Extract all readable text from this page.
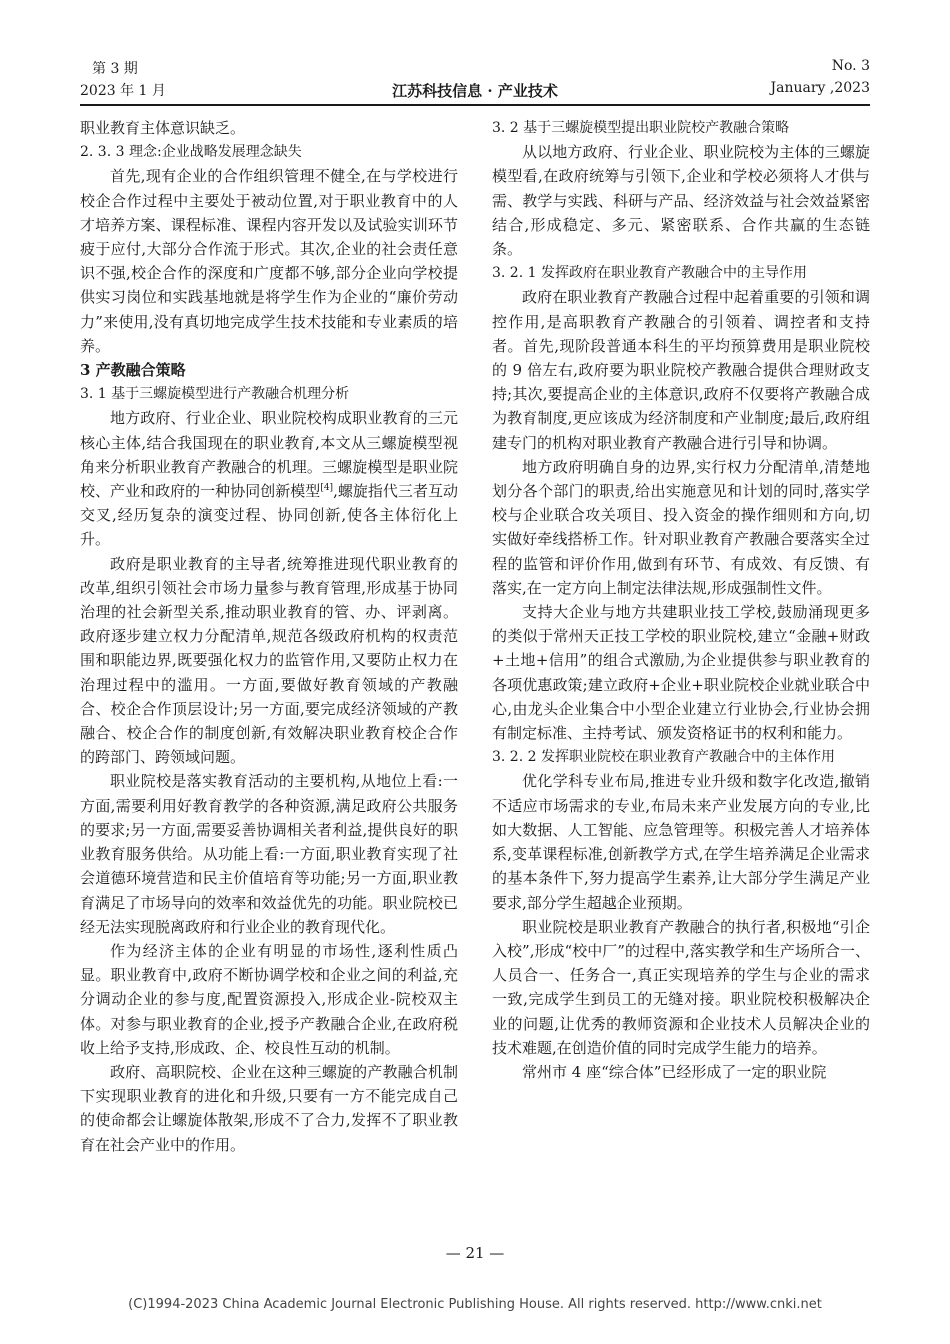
第 3 期
2023 年 1 月	江苏科技信息 · 产业技术
No. 3
January ,2023

职业教育主体意识缺乏。

2. 3. 3 理念:企业战略发展理念缺失

首先,现有企业的合作组织管理不健全,在与学校进行校企合作过程中主要处于被动位置,对于职业教育中的人才培养方案、课程标准、课程内容开发以及试验实训环节疲于应付,大部分合作流于形式。其次,企业的社会责任意识不强,校企合作的深度和广度都不够,部分企业向学校提供实习岗位和实践基地就是将学生作为企业的“廉价劳动力”来使用,没有真切地完成学生技术技能和专业素质的培养。

3 产教融合策略

3. 1 基于三螺旋模型进行产教融合机理分析

地方政府、行业企业、职业院校构成职业教育的三元核心主体,结合我国现在的职业教育,本文从三螺旋模型视角来分析职业教育产教融合的机理。三螺旋模型是职业院校、产业和政府的一种协同创新模型[4],螺旋指代三者互动交叉,经历复杂的演变过程、协同创新,使各主体衍化上升。

政府是职业教育的主导者,统筹推进现代职业教育的改革,组织引领社会市场力量参与教育管理,形成基于协同治理的社会新型关系,推动职业教育的管、办、评剥离。政府逐步建立权力分配清单,规范各级政府机构的权责范围和职能边界,既要强化权力的监管作用,又要防止权力在治理过程中的滥用。一方面,要做好教育领域的产教融合、校企合作顶层设计;另一方面,要完成经济领域的产教融合、校企合作的制度创新,有效解决职业教育校企合作的跨部门、跨领域问题。

职业院校是落实教育活动的主要机构,从地位上看:一方面,需要利用好教育教学的各种资源,满足政府公共服务的要求;另一方面,需要妥善协调相关者利益,提供良好的职业教育服务供给。从功能上看:一方面,职业教育实现了社会道德环境营造和民主价值培育等功能;另一方面,职业教育满足了市场导向的效率和效益优先的功能。职业院校已经无法实现脱离政府和行业企业的教育现代化。

作为经济主体的企业有明显的市场性,逐利性质凸显。职业教育中,政府不断协调学校和企业之间的利益,充分调动企业的参与度,配置资源投入,形成企业-院校双主体。对参与职业教育的企业,授予产教融合企业,在政府税收上给予支持,形成政、企、校良性互动的机制。

政府、高职院校、企业在这种三螺旋的产教融合机制下实现职业教育的进化和升级,只要有一方不能完成自己的使命都会让螺旋体散架,形成不了合力,发挥不了职业教育在社会产业中的作用。

3. 2 基于三螺旋模型提出职业院校产教融合策略

从以地方政府、行业企业、职业院校为主体的三螺旋模型看,在政府统筹与引领下,企业和学校必须将人才供与需、教学与实践、科研与产品、经济效益与社会效益紧密结合,形成稳定、多元、紧密联系、合作共赢的生态链条。

3. 2. 1 发挥政府在职业教育产教融合中的主导作用

政府在职业教育产教融合过程中起着重要的引领和调控作用,是高职教育产教融合的引领着、调控者和支持者。首先,现阶段普通本科生的平均预算费用是职业院校的 9 倍左右,政府要为职业院校产教融合提供合理财政支持;其次,要提高企业的主体意识,政府不仅要将产教融合成为教育制度,更应该成为经济制度和产业制度;最后,政府组建专门的机构对职业教育产教融合进行引导和协调。

地方政府明确自身的边界,实行权力分配清单,清楚地划分各个部门的职责,给出实施意见和计划的同时,落实学校与企业联合攻关项目、投入资金的操作细则和方向,切实做好牵线搭桥工作。针对职业教育产教融合要落实全过程的监管和评价作用,做到有环节、有成效、有反馈、有落实,在一定方向上制定法律法规,形成强制性文件。

支持大企业与地方共建职业技工学校,鼓励涌现更多的类似于常州天正技工学校的职业院校,建立“金融+财政+土地+信用”的组合式激励,为企业提供参与职业教育的各项优惠政策;建立政府+企业+职业院校企业就业联合中心,由龙头企业集合中小型企业建立行业协会,行业协会拥有制定标准、主持考试、颁发资格证书的权利和能力。

3. 2. 2 发挥职业院校在职业教育产教融合中的主体作用

优化学科专业布局,推进专业升级和数字化改造,撤销不适应市场需求的专业,布局未来产业发展方向的专业,比如大数据、人工智能、应急管理等。积极完善人才培养体系,变革课程标准,创新教学方式,在学生培养满足企业需求的基本条件下,努力提高学生素养,让大部分学生满足产业要求,部分学生超越企业预期。

职业院校是职业教育产教融合的执行者,积极地“引企入校”,形成“校中厂”的过程中,落实教学和生产场所合一、人员合一、任务合一,真正实现培养的学生与企业的需求一致,完成学生到员工的无缝对接。职业院校积极解决企业的问题,让优秀的教师资源和企业技术人员解决企业的技术难题,在创造价值的同时完成学生能力的培养。

常州市 4 座“综合体”已经形成了一定的职业院

— 21 —
(C)1994-2023 China Academic Journal Electronic Publishing House. All rights reserved. http://www.cnki.net
